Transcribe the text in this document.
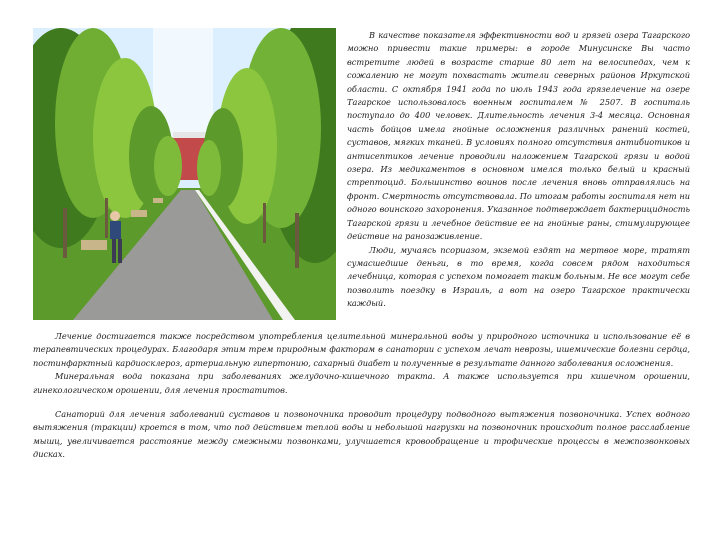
В качестве показателя эффективности вод и грязей озера Тагарского можно привести такие примеры: в городе Минусинске Вы часто встретите людей в возрасте старше 80 лет на велосипедах, чем к сожалению не могут похвастать жители северных районов Иркутской области. С октября 1941 года по июль 1943 года грязелечение на озере Тагарское использовалось военным госпиталем № 2507. В госпиталь поступало до 400 человек. Длительность лечения 3-4 месяца. Основная часть бойцов имела гнойные осложнения различных ранений костей, суставов, мягких тканей. В условиях полного отсутствия антибиотиков и антисептиков лечение проводили наложением Тагарской грязи и водой озера. Из медикаментов в основном имелся только белый и красный стрептоцид. Большинство воинов после лечения вновь отправлялись на фронт. Смертность отсутствовала. По итогам работы госпиталя нет ни одного воинского захоронения. Указанное подтверждает бактерицидность Тагарской грязи и лечебное действие ее на гнойные раны, стимулирующее действие на ранозаживление.

Люди, мучаясь псориазом, экземой ездят на мертвое море, тратят сумасшедшие деньги, в то время, когда совсем рядом находиться лечебница, которая с успехом помогает таким больным. Не все могут себе позволить поездку в Израиль, а вот на озеро Тагарское практически каждый.

Лечение достигается также посредством употребления целительной минеральной воды у природного источника и использование её в терапевтических процедурах. Благодаря этим трем природным факторам в санатории с успехом лечат неврозы, ишемические болезни сердца, постинфарктный кардиосклероз, артериальную гипертонию, сахарный диабет и полученные в результате данного заболевания осложнения.

Минеральная вода показана при заболеваниях желудочно-кишечного тракта. А также используется при кишечном орошении, гинекологическом орошении, для лечения простатитов.

Санаторий для лечения заболеваний суставов и позвоночника проводит процедуру подводного вытяжения позвоночника. Успех водного вытяжения (тракции) кроется в том, что под действием теплой воды и небольшой нагрузки на позвоночник происходит полное расслабление мышц, увеличивается расстояние между смежными позвонками, улучшается кровообращение и трофические процессы в межпозвонковых дисках.
